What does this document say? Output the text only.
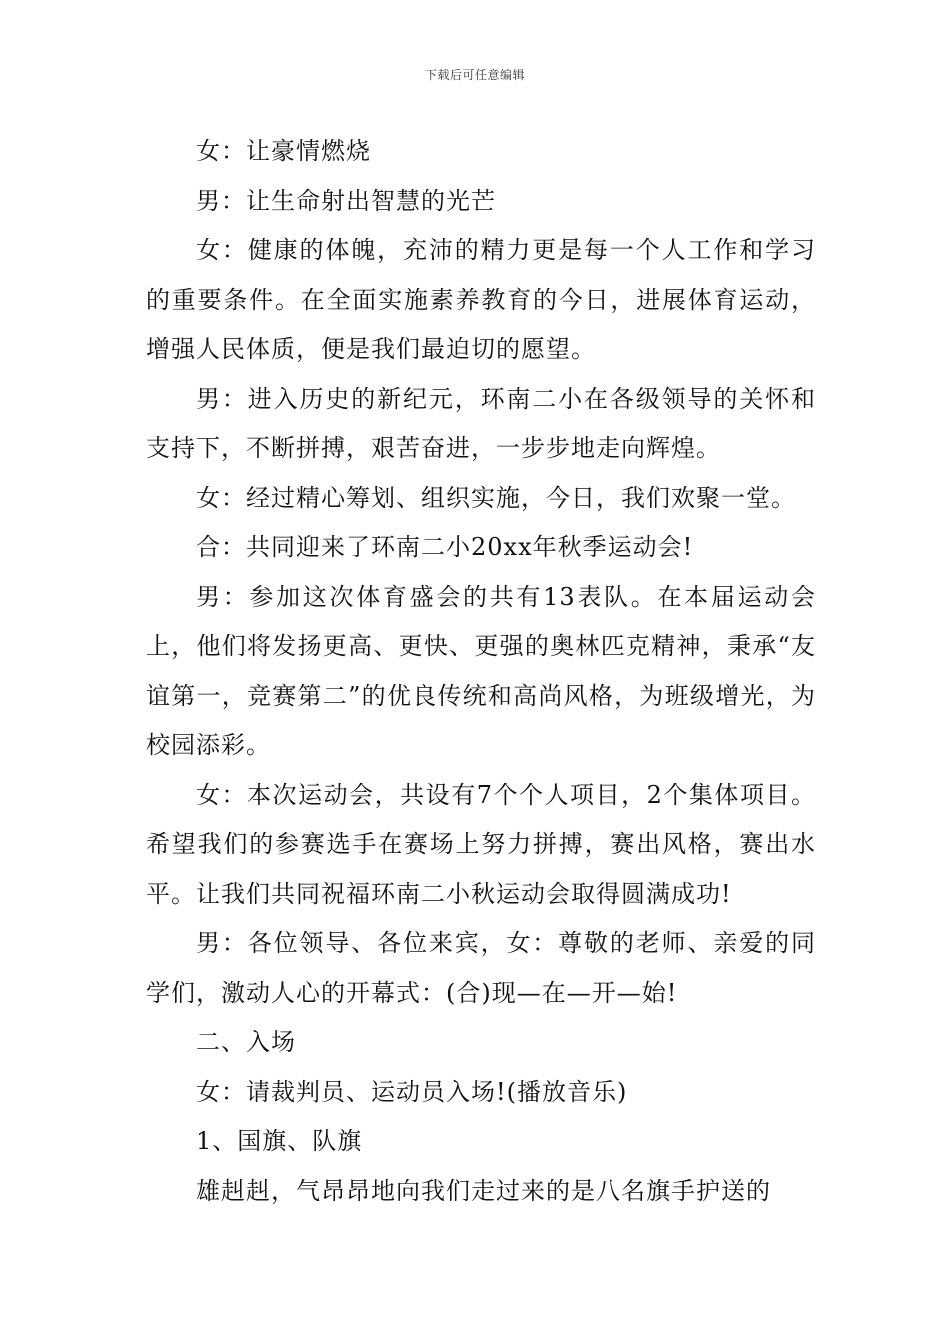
下载后可任意编辑

女：让豪情燃烧

男：让生命射出智慧的光芒

女：健康的体魄，充沛的精力更是每一个人工作和学习的重要条件。在全面实施素养教育的今日，进展体育运动，增强人民体质，便是我们最迫切的愿望。

男：进入历史的新纪元，环南二小在各级领导的关怀和支持下，不断拼搏，艰苦奋进，一步步地走向辉煌。

女：经过精心筹划、组织实施，今日，我们欢聚一堂。

合：共同迎来了环南二小20xx年秋季运动会!

男：参加这次体育盛会的共有13表队。在本届运动会上，他们将发扬更高、更快、更强的奥林匹克精神，秉承“友谊第一，竞赛第二”的优良传统和高尚风格，为班级增光，为校园添彩。

女：本次运动会，共设有7个个人项目，2个集体项目。希望我们的参赛选手在赛场上努力拼搏，赛出风格，赛出水平。让我们共同祝福环南二小秋运动会取得圆满成功!

男：各位领导、各位来宾，女：尊敬的老师、亲爱的同学们，激动人心的开幕式：(合)现—在—开—始!

二、入场

女：请裁判员、运动员入场!(播放音乐)

1、国旗、队旗

雄赳赳，气昂昂地向我们走过来的是八名旗手护送的
